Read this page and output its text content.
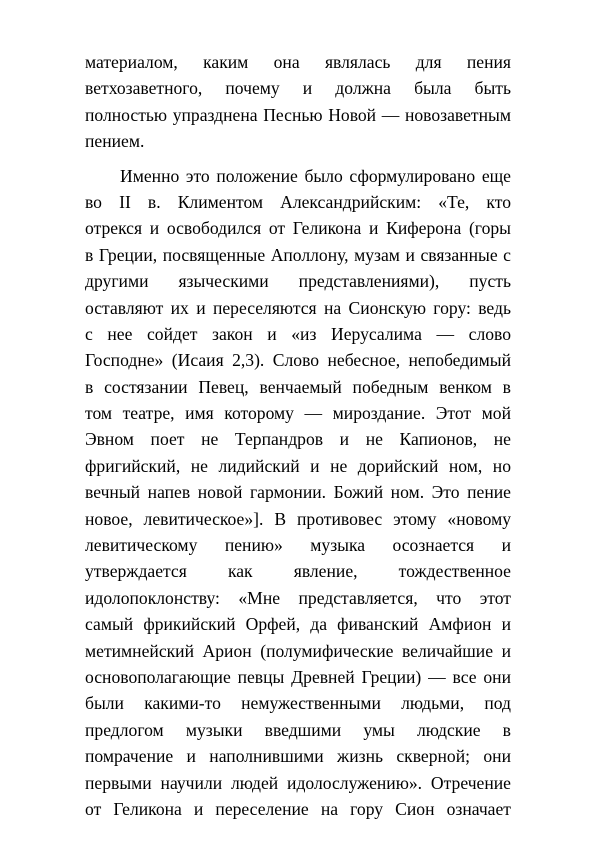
материалом, каким она являлась для пения
ветхозаветного, почему и должна была быть
полностью упразднена Песнью Новой — новозаветным
пением.
Именно это положение было сформулировано еще
во II в. Климентом Александрийским: «Те, кто
отрекся и освободился от Геликона и Киферона (горы
в Греции, посвященные Аполлону, музам и связанные с
другими языческими представлениями), пусть
оставляют их и переселяются на Сионскую гору: ведь
с нее сойдет закон и «из Иерусалима — слово
Господне» (Исаия 2,3). Слово небесное, непобедимый
в состязании Певец, венчаемый победным венком в
том театре, имя которому — мироздание. Этот мой
Эвном поет не Терпандров и не Капионов, не
фригийский, не лидийский и не дорийский ном, но
вечный напев новой гармонии. Божий ном. Это пение
новое, левитическое»]. В противовес этому «новому
левитическому пению» музыка осознается и
утверждается как явление, тождественное
идолопоклонству: «Мне представляется, что этот
самый фрикийский Орфей, да фиванский Амфион и
метимнейский Арион (полумифические величайшие и
основополагающие певцы Древней Греции) — все они
были какими-то немужественными людьми, под
предлогом музыки введшими умы людские в
помрачение и наполнившими жизнь скверной; они
первыми научили людей идолослужению». Отречение
от Геликона и переселение на гору Сион означает
